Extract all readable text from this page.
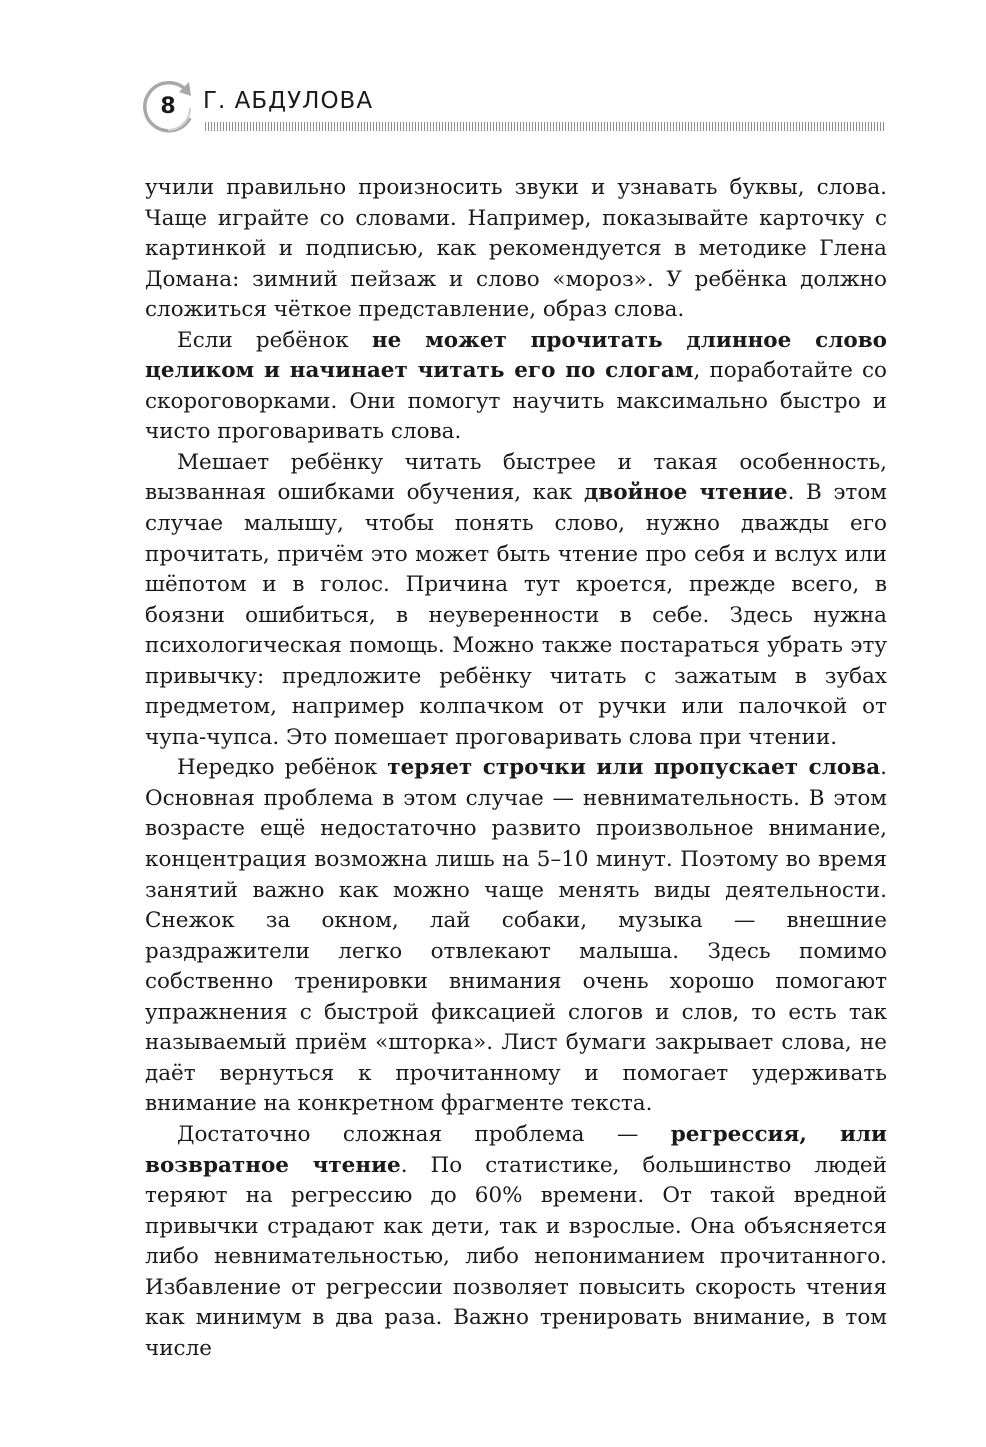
8	Г. АБДУЛОВА

учили правильно произносить звуки и узнавать буквы, слова. Чаще играйте со словами. Например, показывайте карточку с картинкой и подписью, как рекомендуется в методике Глена Домана: зимний пейзаж и слово «мороз». У ребёнка должно сложиться чёткое представление, образ слова.

Если ребёнок не может прочитать длинное слово целиком и начинает читать его по слогам, поработайте со скороговорками. Они помогут научить максимально быстро и чисто проговаривать слова.

Мешает ребёнку читать быстрее и такая особенность, вызванная ошибками обучения, как двойное чтение. В этом случае малышу, чтобы понять слово, нужно дважды его прочитать, причём это может быть чтение про себя и вслух или шёпотом и в голос. Причина тут кроется, прежде всего, в боязни ошибиться, в неуверенности в себе. Здесь нужна психологическая помощь. Можно также постараться убрать эту привычку: предложите ребёнку читать с зажатым в зубах предметом, например колпачком от ручки или палочкой от чупа-чупса. Это помешает проговаривать слова при чтении.

Нередко ребёнок теряет строчки или пропускает слова. Основная проблема в этом случае — невнимательность. В этом возрасте ещё недостаточно развито произвольное внимание, концентрация возможна лишь на 5–10 минут. Поэтому во время занятий важно как можно чаще менять виды деятельности. Снежок за окном, лай собаки, музыка — внешние раздражители легко отвлекают малыша. Здесь помимо собственно тренировки внимания очень хорошо помогают упражнения с быстрой фиксацией слогов и слов, то есть так называемый приём «шторка». Лист бумаги закрывает слова, не даёт вернуться к прочитанному и помогает удерживать внимание на конкретном фрагменте текста.

Достаточно сложная проблема — регрессия, или возвратное чтение. По статистике, большинство людей теряют на регрессию до 60% времени. От такой вредной привычки страдают как дети, так и взрослые. Она объясняется либо невнимательностью, либо непониманием прочитанного. Избавление от регрессии позволяет повысить скорость чтения как минимум в два раза. Важно тренировать внимание, в том числе
